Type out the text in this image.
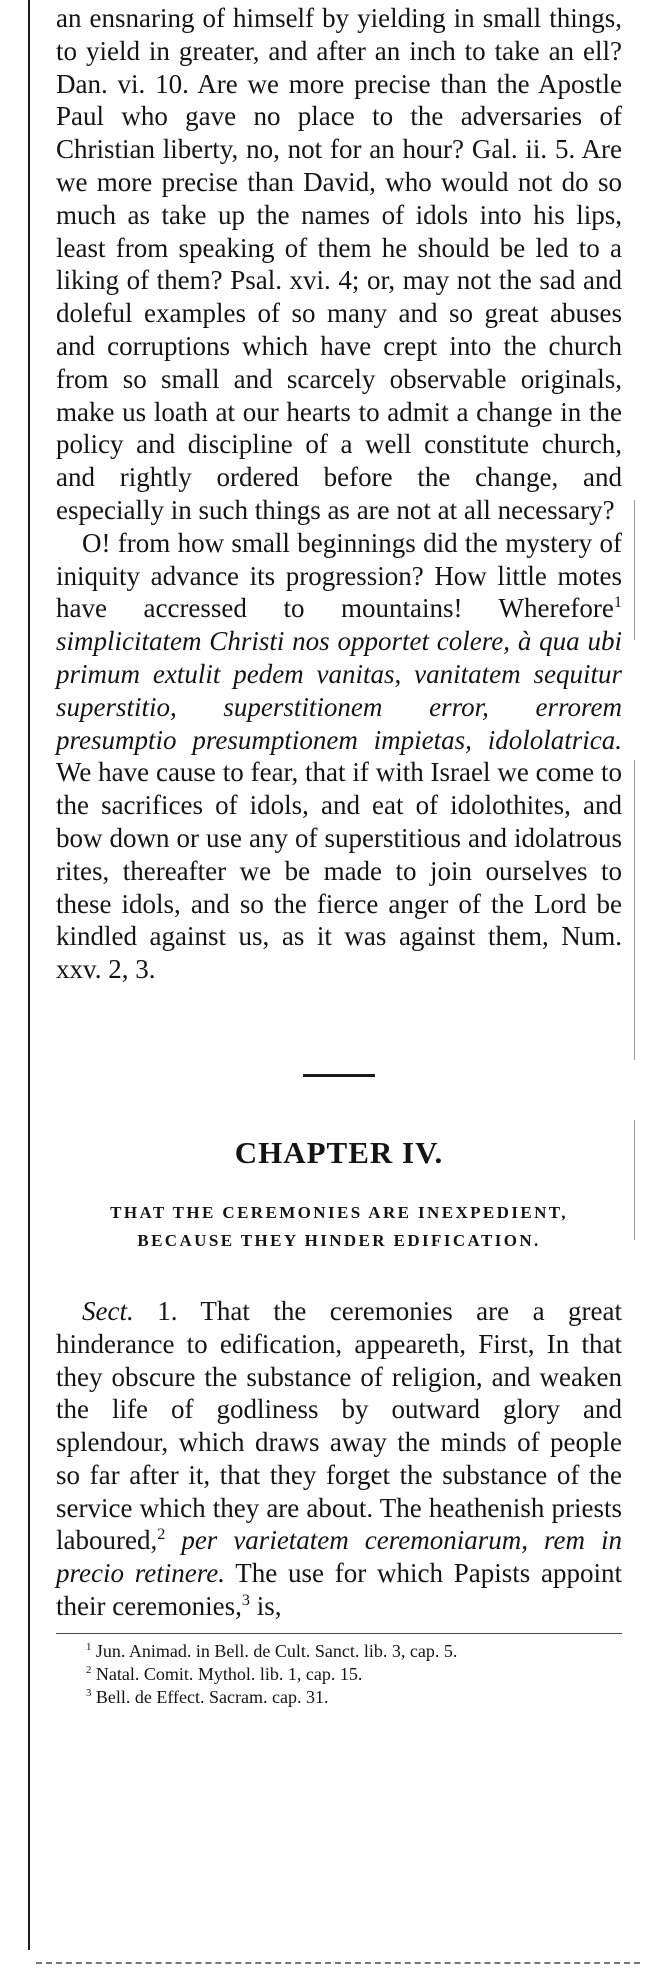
an ensnaring of himself by yielding in small things, to yield in greater, and after an inch to take an ell? Dan. vi. 10. Are we more precise than the Apostle Paul who gave no place to the adversaries of Christian liberty, no, not for an hour? Gal. ii. 5. Are we more precise than David, who would not do so much as take up the names of idols into his lips, least from speaking of them he should be led to a liking of them? Psal. xvi. 4; or, may not the sad and doleful examples of so many and so great abuses and corruptions which have crept into the church from so small and scarcely observable originals, make us loath at our hearts to admit a change in the policy and discipline of a well constitute church, and rightly ordered before the change, and especially in such things as are not at all necessary?

O! from how small beginnings did the mystery of iniquity advance its progression? How little motes have accressed to mountains! Wherefore$^1$ simplicitatem Christi nos opportet colere, à qua ubi primum extulit pedem vanitas, vanitatem sequitur superstitio, superstitionem error, errorem presumptio presumptionem impietas, idololatrica. We have cause to fear, that if with Israel we come to the sacrifices of idols, and eat of idolothites, and bow down or use any of superstitious and idolatrous rites, thereafter we be made to join ourselves to these idols, and so the fierce anger of the Lord be kindled against us, as it was against them, Num. xxv. 2, 3.

CHAPTER IV.
THAT THE CEREMONIES ARE INEXPEDIENT,
BECAUSE THEY HINDER EDIFICATION.

Sect. 1. That the ceremonies are a great hinderance to edification, appeareth, First, In that they obscure the substance of religion, and weaken the life of godliness by outward glory and splendour, which draws away the minds of people so far after it, that they forget the substance of the service which they are about. The heathenish priests laboured,$^2$ per varietatem ceremoniarum, rem in precio retinere. The use for which Papists appoint their ceremonies,$^3$ is,

$^1$ Jun. Animad. in Bell. de Cult. Sanct. lib. 3, cap. 5.
$^2$ Natal. Comit. Mythol. lib. 1, cap. 15.
$^3$ Bell. de Effect. Sacram. cap. 31.
